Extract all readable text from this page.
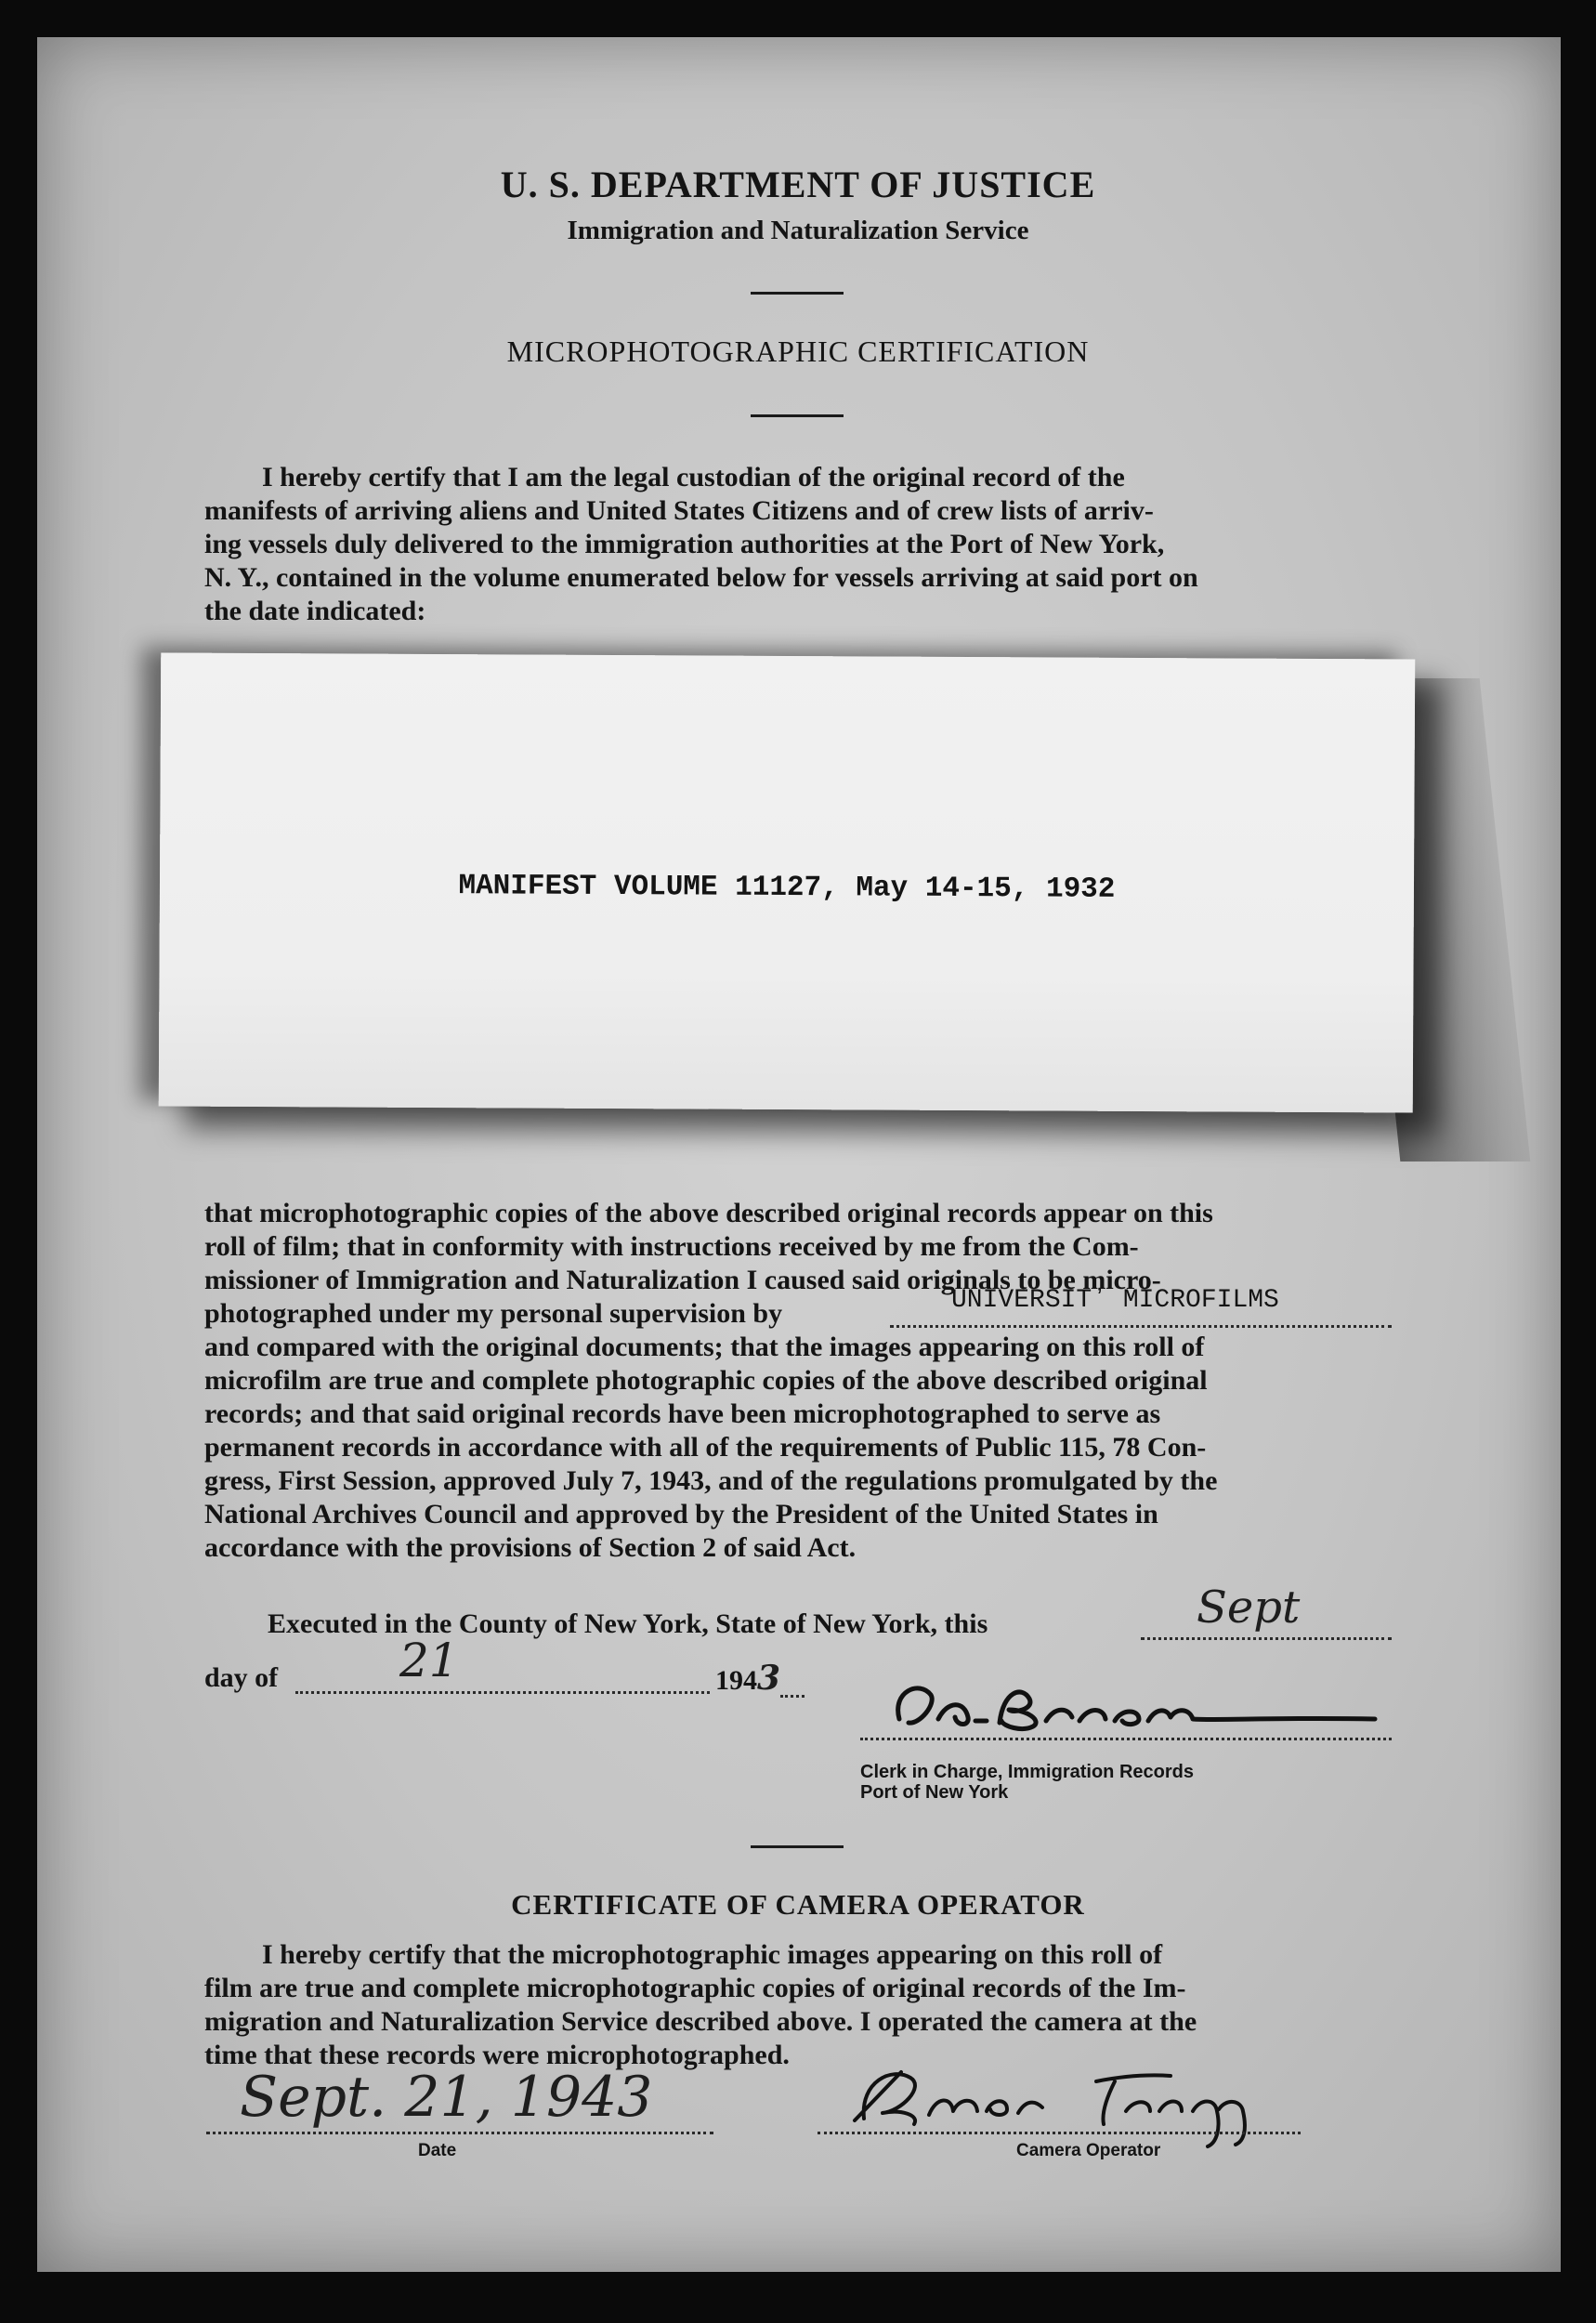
U. S. DEPARTMENT OF JUSTICE
Immigration and Naturalization Service
MICROPHOTOGRAPHIC CERTIFICATION
I hereby certify that I am the legal custodian of the original record of the
manifests of arriving aliens and United States Citizens and of crew lists of arriv-
ing vessels duly delivered to the immigration authorities at the Port of New York,
N. Y., contained in the volume enumerated below for vessels arriving at said port on
the date indicated:
MANIFEST VOLUME 11127, May 14-15, 1932
that microphotographic copies of the above described original records appear on this
roll of film; that in conformity with instructions received by me from the Com-
missioner of Immigration and Naturalization I caused said originals to be micro-
photographed under my personal supervision by	UNIVERSITʼ MICROFILMS
and compared with the original documents; that the images appearing on this roll of
microfilm are true and complete photographic copies of the above described original
records; and that said original records have been microphotographed to serve as
permanent records in accordance with all of the requirements of Public 115, 78 Con-
gress, First Session, approved July 7, 1943, and of the regulations promulgated by the
National Archives Council and approved by the President of the United States in
accordance with the provisions of Section 2 of said Act.
Executed in the County of New York, State of New York, this	Sept
day of	21	1943
Clerk in Charge, Immigration Records
Port of New York
CERTIFICATE OF CAMERA OPERATOR
I hereby certify that the microphotographic images appearing on this roll of
film are true and complete microphotographic copies of original records of the Im-
migration and Naturalization Service described above. I operated the camera at the
time that these records were microphotographed.
Sept. 21, 1943
Date	Camera Operator
